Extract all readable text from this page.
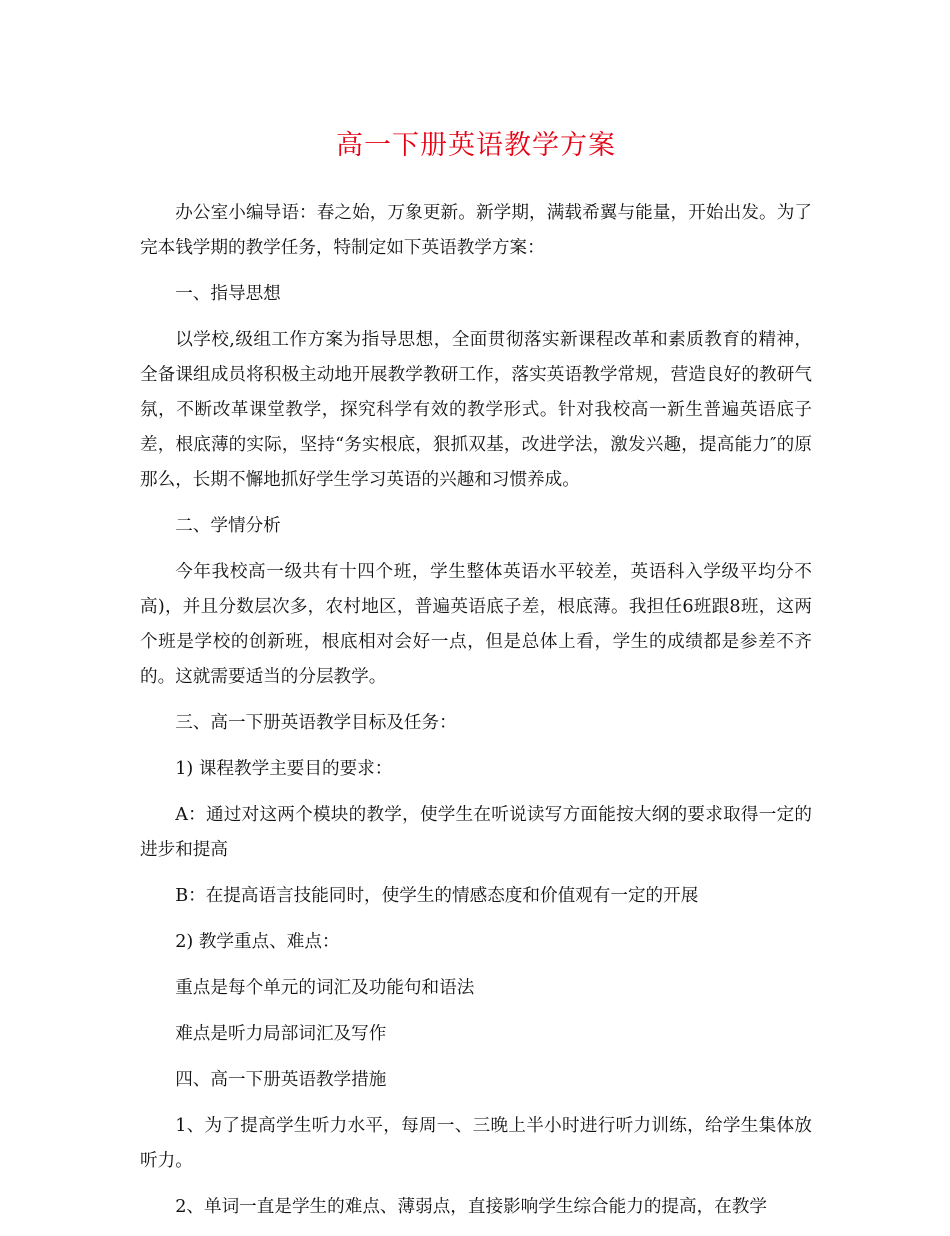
高一下册英语教学方案

办公室小编导语：春之始，万象更新。新学期，满载希翼与能量，开始出发。为了完本钱学期的教学任务，特制定如下英语教学方案：

一、指导思想

以学校,级组工作方案为指导思想，全面贯彻落实新课程改革和素质教育的精神，全备课组成员将积极主动地开展教学教研工作，落实英语教学常规，营造良好的教研气氛，不断改革课堂教学，探究科学有效的教学形式。针对我校高一新生普遍英语底子差，根底薄的实际，坚持“务实根底，狠抓双基，改进学法，激发兴趣，提高能力″的原那么，长期不懈地抓好学生学习英语的兴趣和习惯养成。

二、学情分析

今年我校高一级共有十四个班，学生整体英语水平较差，英语科入学级平均分不高)，并且分数层次多，农村地区，普遍英语底子差，根底薄。我担任6班跟8班，这两个班是学校的创新班，根底相对会好一点，但是总体上看，学生的成绩都是参差不齐的。这就需要适当的分层教学。

三、高一下册英语教学目标及任务：

1) 课程教学主要目的要求：

A：通过对这两个模块的教学，使学生在听说读写方面能按大纲的要求取得一定的进步和提高

B：在提高语言技能同时，使学生的情感态度和价值观有一定的开展

2) 教学重点、难点：

重点是每个单元的词汇及功能句和语法

难点是听力局部词汇及写作

四、高一下册英语教学措施

1、为了提高学生听力水平，每周一、三晚上半小时进行听力训练，给学生集体放听力。

2、单词一直是学生的难点、薄弱点，直接影响学生综合能力的提高，在教学
